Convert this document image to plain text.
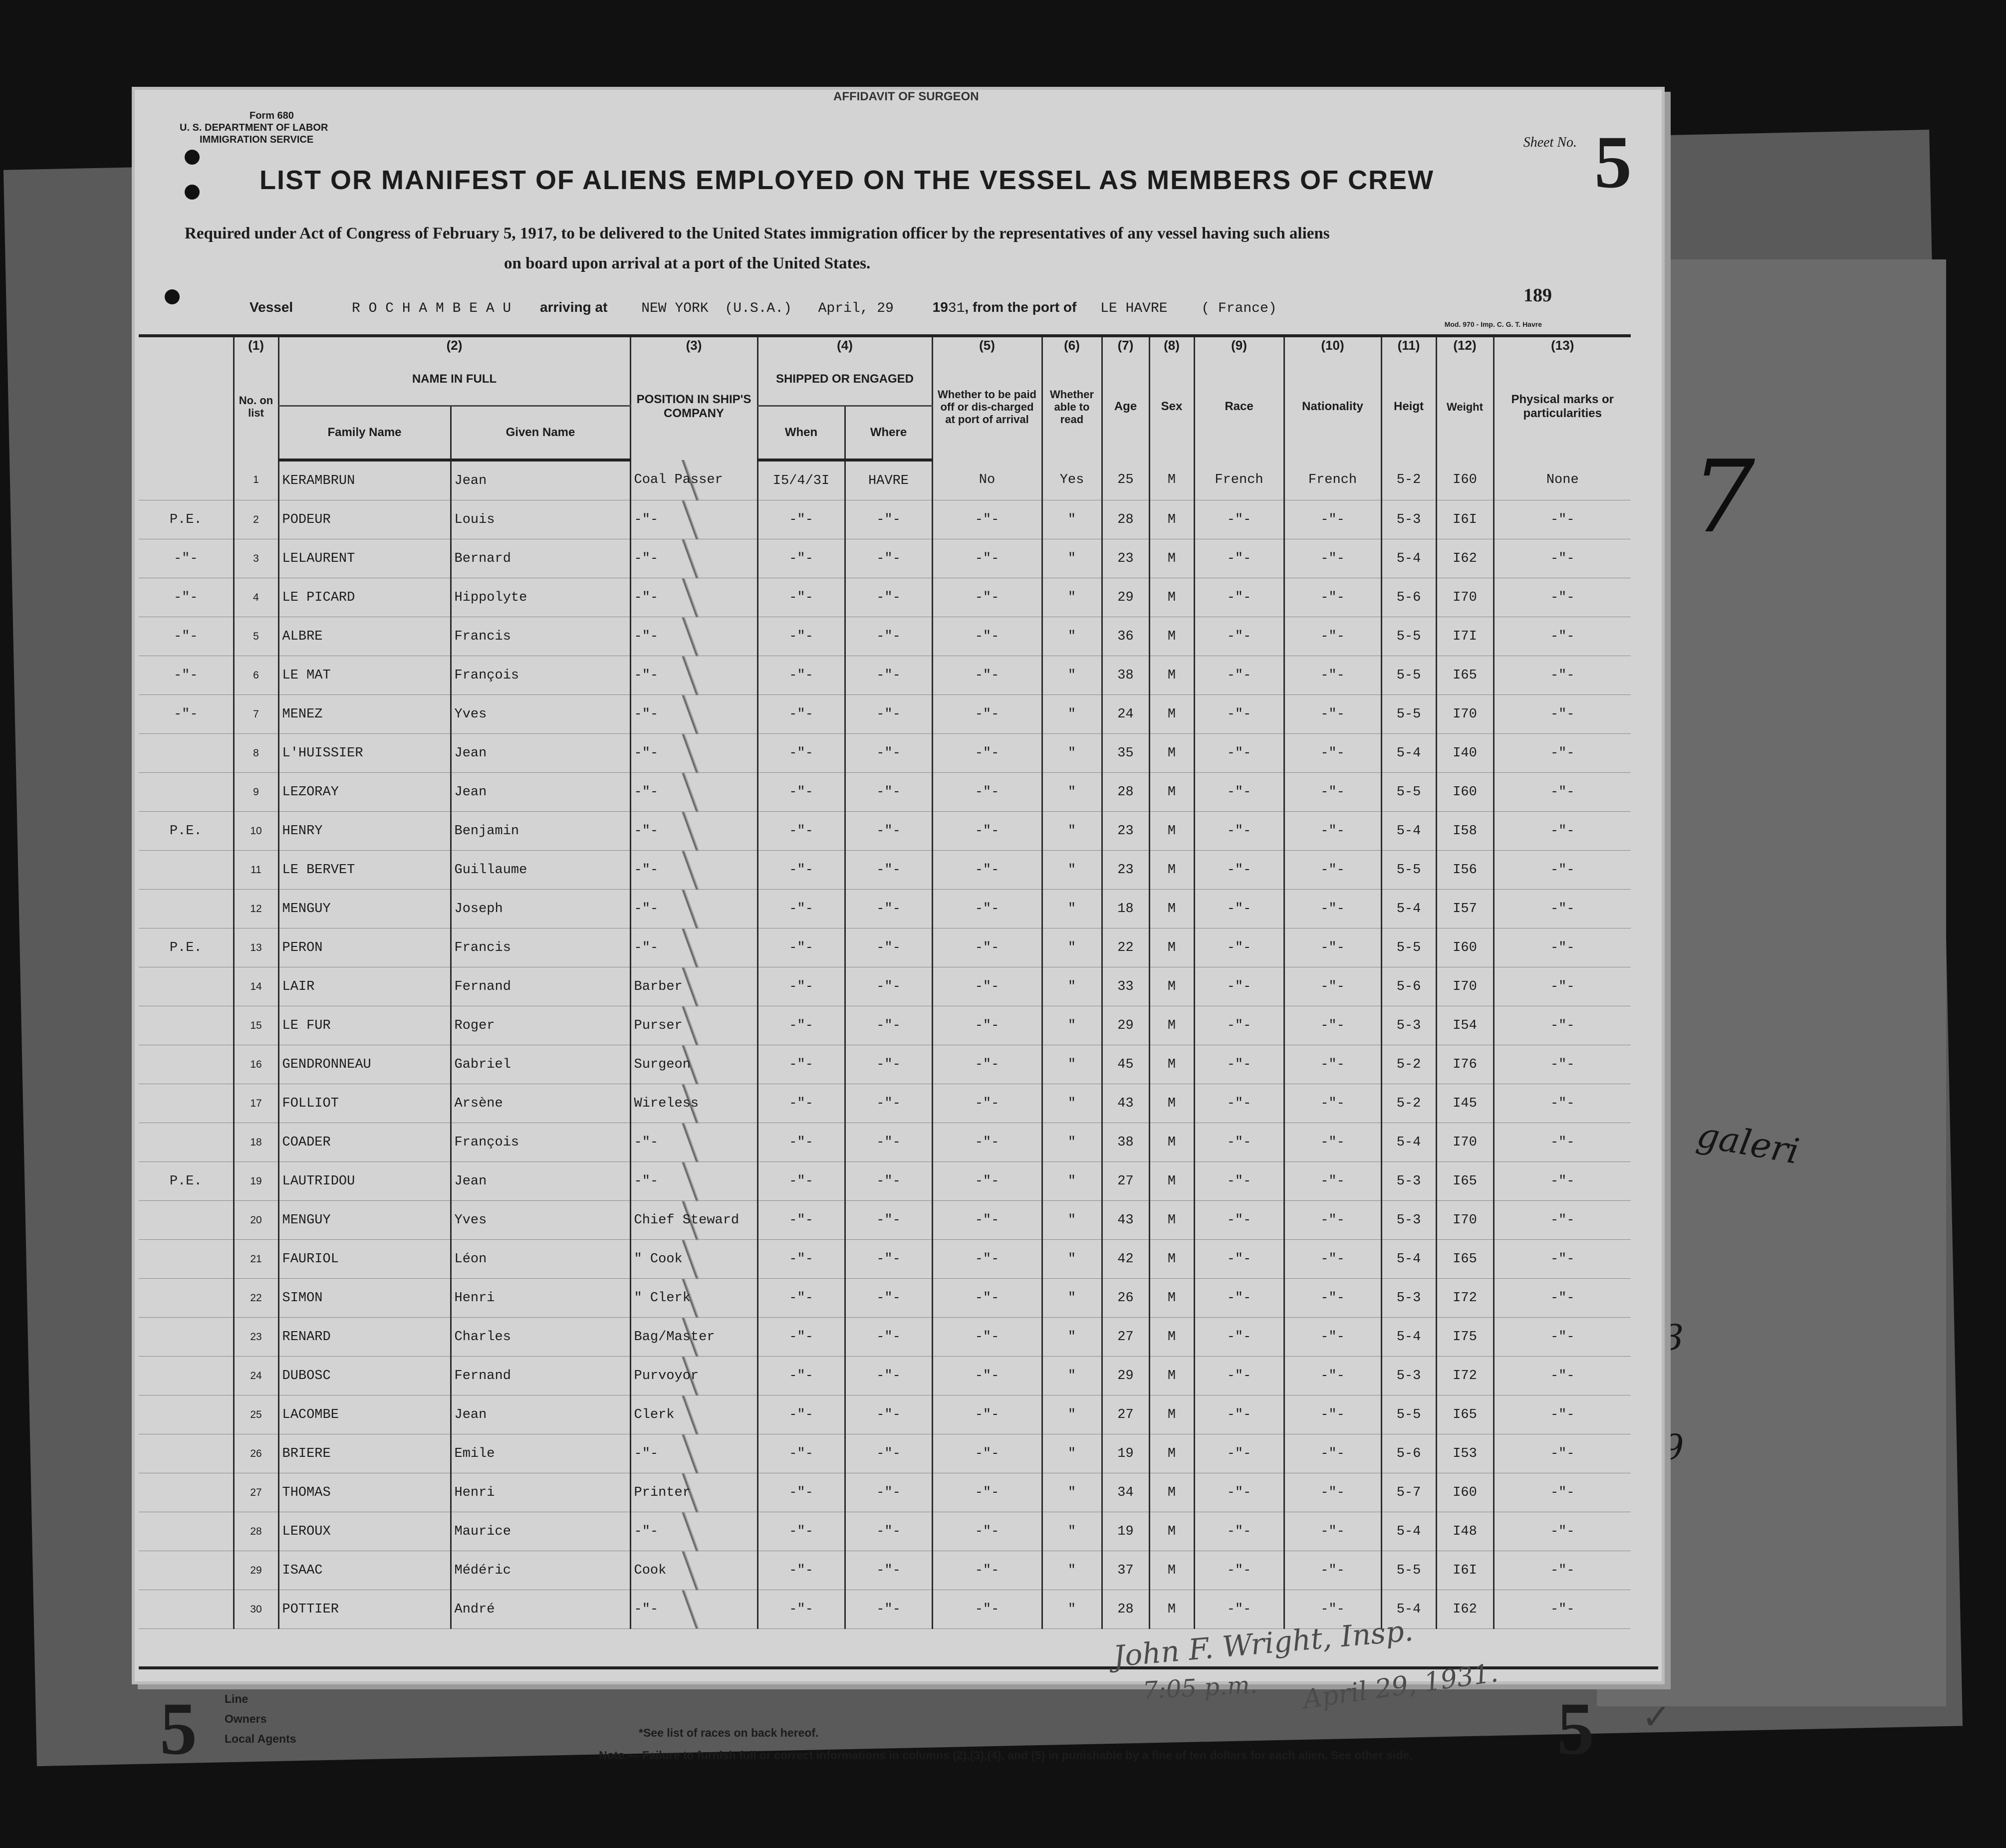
7
galeri
3
9
AFFIDAVIT OF SURGEON
Form 680
U. S. DEPARTMENT OF LABOR
IMMIGRATION SERVICE	Sheet No. 5
LIST OR MANIFEST OF ALIENS EMPLOYED ON THE VESSEL AS MEMBERS OF CREW
Required under Act of Congress of February 5, 1917, to be delivered to the United States immigration officer by the representatives of any vessel having such aliens
on board upon arrival at a port of the United States.
189
Vessel	R O C H A M B E A U arriving at NEW YORK (U.S.A.) April, 29	1931, from the port of LE HAVRE ( France)
Mod. 970 - Imp. C. G. T. Havre
	(1)	(2)		(3)	(4)		(5)	(6)	(7)	(8)	(9)	(10)	(11)	(12)	(13)
	No. on list	NAME IN FULL		POSITION IN SHIP'S COMPANY	SHIPPED OR ENGAGED		Whether to be paid off or dis-charged at port of arrival	Whether able to read	Age	Sex	Race	Nationality	Heigt	Weight	Physical marks or particularities
		Family Name	Given Name		When	Where									
	1	KERAMBRUN	Jean	Coal Passer	I5/4/3I	HAVRE	No	Yes	25	M	French	French	5-2	I60	None
P.E.	2	PODEUR	Louis	-"-	-"-	-"-	-"-	"	28	M	-"-	-"-	5-3	I6I	-"-
-"-	3	LELAURENT	Bernard	-"-	-"-	-"-	-"-	"	23	M	-"-	-"-	5-4	I62	-"-
-"-	4	LE PICARD	Hippolyte	-"-	-"-	-"-	-"-	"	29	M	-"-	-"-	5-6	I70	-"-
-"-	5	ALBRE	Francis	-"-	-"-	-"-	-"-	"	36	M	-"-	-"-	5-5	I7I	-"-
-"-	6	LE MAT	François	-"-	-"-	-"-	-"-	"	38	M	-"-	-"-	5-5	I65	-"-
-"-	7	MENEZ	Yves	-"-	-"-	-"-	-"-	"	24	M	-"-	-"-	5-5	I70	-"-
	8	L'HUISSIER	Jean	-"-	-"-	-"-	-"-	"	35	M	-"-	-"-	5-4	I40	-"-
	9	LEZORAY	Jean	-"-	-"-	-"-	-"-	"	28	M	-"-	-"-	5-5	I60	-"-
P.E.	10	HENRY	Benjamin	-"-	-"-	-"-	-"-	"	23	M	-"-	-"-	5-4	I58	-"-
	11	LE BERVET	Guillaume	-"-	-"-	-"-	-"-	"	23	M	-"-	-"-	5-5	I56	-"-
	12	MENGUY	Joseph	-"-	-"-	-"-	-"-	"	18	M	-"-	-"-	5-4	I57	-"-
P.E.	13	PERON	Francis	-"-	-"-	-"-	-"-	"	22	M	-"-	-"-	5-5	I60	-"-
	14	LAIR	Fernand	Barber	-"-	-"-	-"-	"	33	M	-"-	-"-	5-6	I70	-"-
	15	LE FUR	Roger	Purser	-"-	-"-	-"-	"	29	M	-"-	-"-	5-3	I54	-"-
	16	GENDRONNEAU	Gabriel	Surgeon	-"-	-"-	-"-	"	45	M	-"-	-"-	5-2	I76	-"-
	17	FOLLIOT	Arsène	Wireless	-"-	-"-	-"-	"	43	M	-"-	-"-	5-2	I45	-"-
	18	COADER	François	-"-	-"-	-"-	-"-	"	38	M	-"-	-"-	5-4	I70	-"-
P.E.	19	LAUTRIDOU	Jean	-"-	-"-	-"-	-"-	"	27	M	-"-	-"-	5-3	I65	-"-
	20	MENGUY	Yves	Chief Steward	-"-	-"-	-"-	"	43	M	-"-	-"-	5-3	I70	-"-
	21	FAURIOL	Léon	" Cook	-"-	-"-	-"-	"	42	M	-"-	-"-	5-4	I65	-"-
	22	SIMON	Henri	" Clerk	-"-	-"-	-"-	"	26	M	-"-	-"-	5-3	I72	-"-
	23	RENARD	Charles	Bag/Master	-"-	-"-	-"-	"	27	M	-"-	-"-	5-4	I75	-"-
	24	DUBOSC	Fernand	Purvoyor	-"-	-"-	-"-	"	29	M	-"-	-"-	5-3	I72	-"-
	25	LACOMBE	Jean	Clerk	-"-	-"-	-"-	"	27	M	-"-	-"-	5-5	I65	-"-
	26	BRIERE	Emile	-"-	-"-	-"-	-"-	"	19	M	-"-	-"-	5-6	I53	-"-
	27	THOMAS	Henri	Printer	-"-	-"-	-"-	"	34	M	-"-	-"-	5-7	I60	-"-
	28	LEROUX	Maurice	-"-	-"-	-"-	-"-	"	19	M	-"-	-"-	5-4	I48	-"-
	29	ISAAC	Médéric	Cook	-"-	-"-	-"-	"	37	M	-"-	-"-	5-5	I6I	-"-
	30	POTTIER	André	-"-	-"-	-"-	-"-	"	28	M	-"-	-"-	5-4	I62	-"-
5 Line
Owners
Local Agents	*See list of races on back hereof.
Note.— Failure to furnish full or correct informations in columns (2),(3),(4), and (5) in punishable by a fine of ten dollars for each alien. See other side.
John F. Wright, Insp.
7:05 p.m. April 29, 1931.
5 ✓
